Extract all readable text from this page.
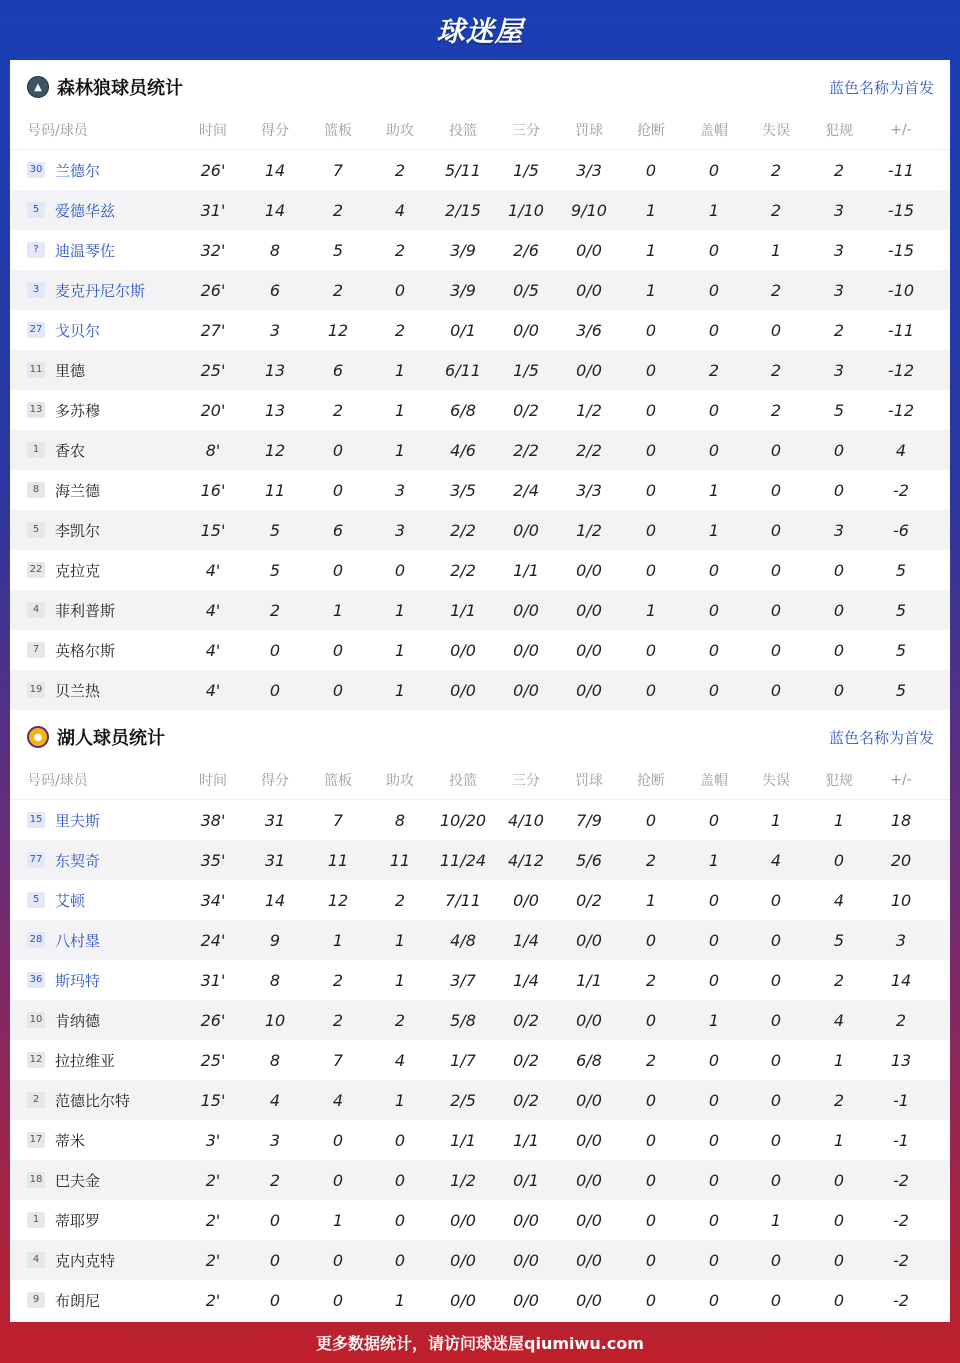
球迷屋
▲ 森林狼球员统计	蓝色名称为首发
号码/球员	时间	得分	篮板	助攻	投篮	三分	罚球	抢断	盖帽	失误	犯规	+/-
30 兰德尔	26'	14	7	2	5/11	1/5	3/3	0	0	2	2	-11
5	爱德华兹	31'	14	2	4	2/15	1/10	9/10	1	1	2	3	-15
?	迪温琴佐	32'	8	5	2	3/9	2/6	0/0	1	0	1	3	-15
3	麦克丹尼尔斯	26'	6	2	0	3/9	0/5	0/0	1	0	2	3	-10
27 戈贝尔	27'	3	12	2	0/1	0/0	3/6	0	0	0	2	-11
11 里德	25'	13	6	1	6/11	1/5	0/0	0	2	2	3	-12
13 多苏穆	20'	13	2	1	6/8	0/2	1/2	0	0	2	5	-12
1	香农	8'	12	0	1	4/6	2/2	2/2	0	0	0	0	4
8	海兰德	16'	11	0	3	3/5	2/4	3/3	0	1	0	0	-2
5	李凯尔	15'	5	6	3	2/2	0/0	1/2	0	1	0	3	-6
22 克拉克	4'	5	0	0	2/2	1/1	0/0	0	0	0	0	5
4	菲利普斯	4'	2	1	1	1/1	0/0	0/0	1	0	0	0	5
7	英格尔斯	4'	0	0	1	0/0	0/0	0/0	0	0	0	0	5
19 贝兰热	4'	0	0	1	0/0	0/0	0/0	0	0	0	0	5
● 湖人球员统计	蓝色名称为首发
号码/球员	时间	得分	篮板	助攻	投篮	三分	罚球	抢断	盖帽	失误	犯规	+/-
15 里夫斯	38'	31	7	8	10/20	4/10	7/9	0	0	1	1	18
77 东契奇	35'	31	11	11	11/24	4/12	5/6	2	1	4	0	20
5	艾顿	34'	14	12	2	7/11	0/0	0/2	1	0	0	4	10
28 八村塁	24'	9	1	1	4/8	1/4	0/0	0	0	0	5	3
36 斯玛特	31'	8	2	1	3/7	1/4	1/1	2	0	0	2	14
10 肯纳德	26'	10	2	2	5/8	0/2	0/0	0	1	0	4	2
12 拉拉维亚	25'	8	7	4	1/7	0/2	6/8	2	0	0	1	13
2	范德比尔特	15'	4	4	1	2/5	0/2	0/0	0	0	0	2	-1
17 蒂米	3'	3	0	0	1/1	1/1	0/0	0	0	0	1	-1
18 巴夫金	2'	2	0	0	1/2	0/1	0/0	0	0	0	0	-2
1	蒂耶罗	2'	0	1	0	0/0	0/0	0/0	0	0	1	0	-2
4	克内克特	2'	0	0	0	0/0	0/0	0/0	0	0	0	0	-2
9	布朗尼	2'	0	0	1	0/0	0/0	0/0	0	0	0	0	-2
更多数据统计，请访问球迷屋qiumiwu.com
